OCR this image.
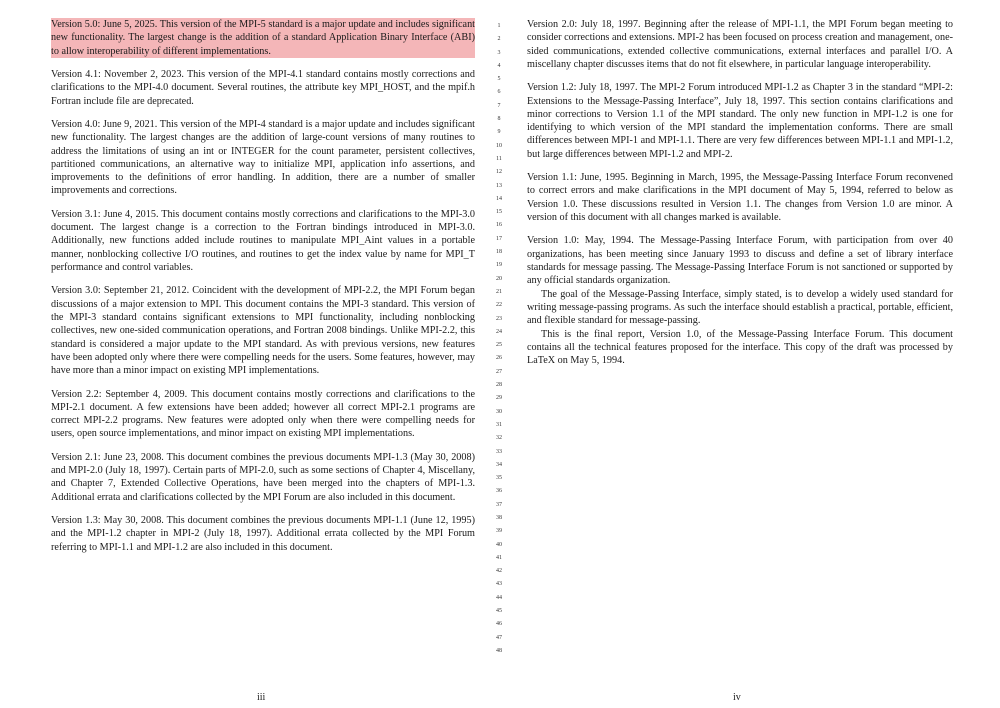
Version 5.0: June 5, 2025. This version of the MPI-5 standard is a major update and includes significant new functionality. The largest change is the addition of a standard Application Binary Interface (ABI) to allow interoperability of different implementations.

Version 4.1: November 2, 2023. This version of the MPI-4.1 standard contains mostly corrections and clarifications to the MPI-4.0 document. Several routines, the attribute key MPI_HOST, and the mpif.h Fortran include file are deprecated.

Version 4.0: June 9, 2021. This version of the MPI-4 standard is a major update and includes significant new functionality. The largest changes are the addition of large-count versions of many routines to address the limitations of using an int or INTEGER for the count parameter, persistent collectives, partitioned communications, an alternative way to initialize MPI, application info assertions, and improvements to the definitions of error handling. In addition, there are a number of smaller improvements and corrections.

Version 3.1: June 4, 2015. This document contains mostly corrections and clarifications to the MPI-3.0 document. The largest change is a correction to the Fortran bindings introduced in MPI-3.0. Additionally, new functions added include routines to manipulate MPI_Aint values in a portable manner, nonblocking collective I/O routines, and routines to get the index value by name for MPI_T performance and control variables.

Version 3.0: September 21, 2012. Coincident with the development of MPI-2.2, the MPI Forum began discussions of a major extension to MPI. This document contains the MPI-3 standard. This version of the MPI-3 standard contains significant extensions to MPI functionality, including nonblocking collectives, new one-sided communication operations, and Fortran 2008 bindings. Unlike MPI-2.2, this standard is considered a major update to the MPI standard. As with previous versions, new features have been adopted only where there were compelling needs for the users. Some features, however, may have more than a minor impact on existing MPI implementations.

Version 2.2: September 4, 2009. This document contains mostly corrections and clarifications to the MPI-2.1 document. A few extensions have been added; however all correct MPI-2.1 programs are correct MPI-2.2 programs. New features were adopted only when there were compelling needs for users, open source implementations, and minor impact on existing MPI implementations.

Version 2.1: June 23, 2008. This document combines the previous documents MPI-1.3 (May 30, 2008) and MPI-2.0 (July 18, 1997). Certain parts of MPI-2.0, such as some sections of Chapter 4, Miscellany, and Chapter 7, Extended Collective Operations, have been merged into the chapters of MPI-1.3. Additional errata and clarifications collected by the MPI Forum are also included in this document.

Version 1.3: May 30, 2008. This document combines the previous documents MPI-1.1 (June 12, 1995) and the MPI-1.2 chapter in MPI-2 (July 18, 1997). Additional errata collected by the MPI Forum referring to MPI-1.1 and MPI-1.2 are also included in this document.

1
2
3
4
5
6
7
8
9
10
11
12
13
14
15
16
17
18
19
20
21
22
23
24
25
26
27
28
29
30
31
32
33
34
35
36
37
38
39
40
41
42
43
44
45
46
47
48

Version 2.0: July 18, 1997. Beginning after the release of MPI-1.1, the MPI Forum began meeting to consider corrections and extensions. MPI-2 has been focused on process creation and management, one-sided communications, extended collective communications, external interfaces and parallel I/O. A miscellany chapter discusses items that do not fit elsewhere, in particular language interoperability.

Version 1.2: July 18, 1997. The MPI-2 Forum introduced MPI-1.2 as Chapter 3 in the standard “MPI-2: Extensions to the Message-Passing Interface”, July 18, 1997. This section contains clarifications and minor corrections to Version 1.1 of the MPI standard. The only new function in MPI-1.2 is one for identifying to which version of the MPI standard the implementation conforms. There are small differences between MPI-1 and MPI-1.1. There are very few differences between MPI-1.1 and MPI-1.2, but large differences between MPI-1.2 and MPI-2.

Version 1.1: June, 1995. Beginning in March, 1995, the Message-Passing Interface Forum reconvened to correct errors and make clarifications in the MPI document of May 5, 1994, referred to below as Version 1.0. These discussions resulted in Version 1.1. The changes from Version 1.0 are minor. A version of this document with all changes marked is available.

Version 1.0: May, 1994. The Message-Passing Interface Forum, with participation from over 40 organizations, has been meeting since January 1993 to discuss and define a set of library interface standards for message passing. The Message-Passing Interface Forum is not sanctioned or supported by any official standards organization.

The goal of the Message-Passing Interface, simply stated, is to develop a widely used standard for writing message-passing programs. As such the interface should establish a practical, portable, efficient, and flexible standard for message-passing.

This is the final report, Version 1.0, of the Message-Passing Interface Forum. This document contains all the technical features proposed for the interface. This copy of the draft was processed by LaTeX on May 5, 1994.

iii	iv
